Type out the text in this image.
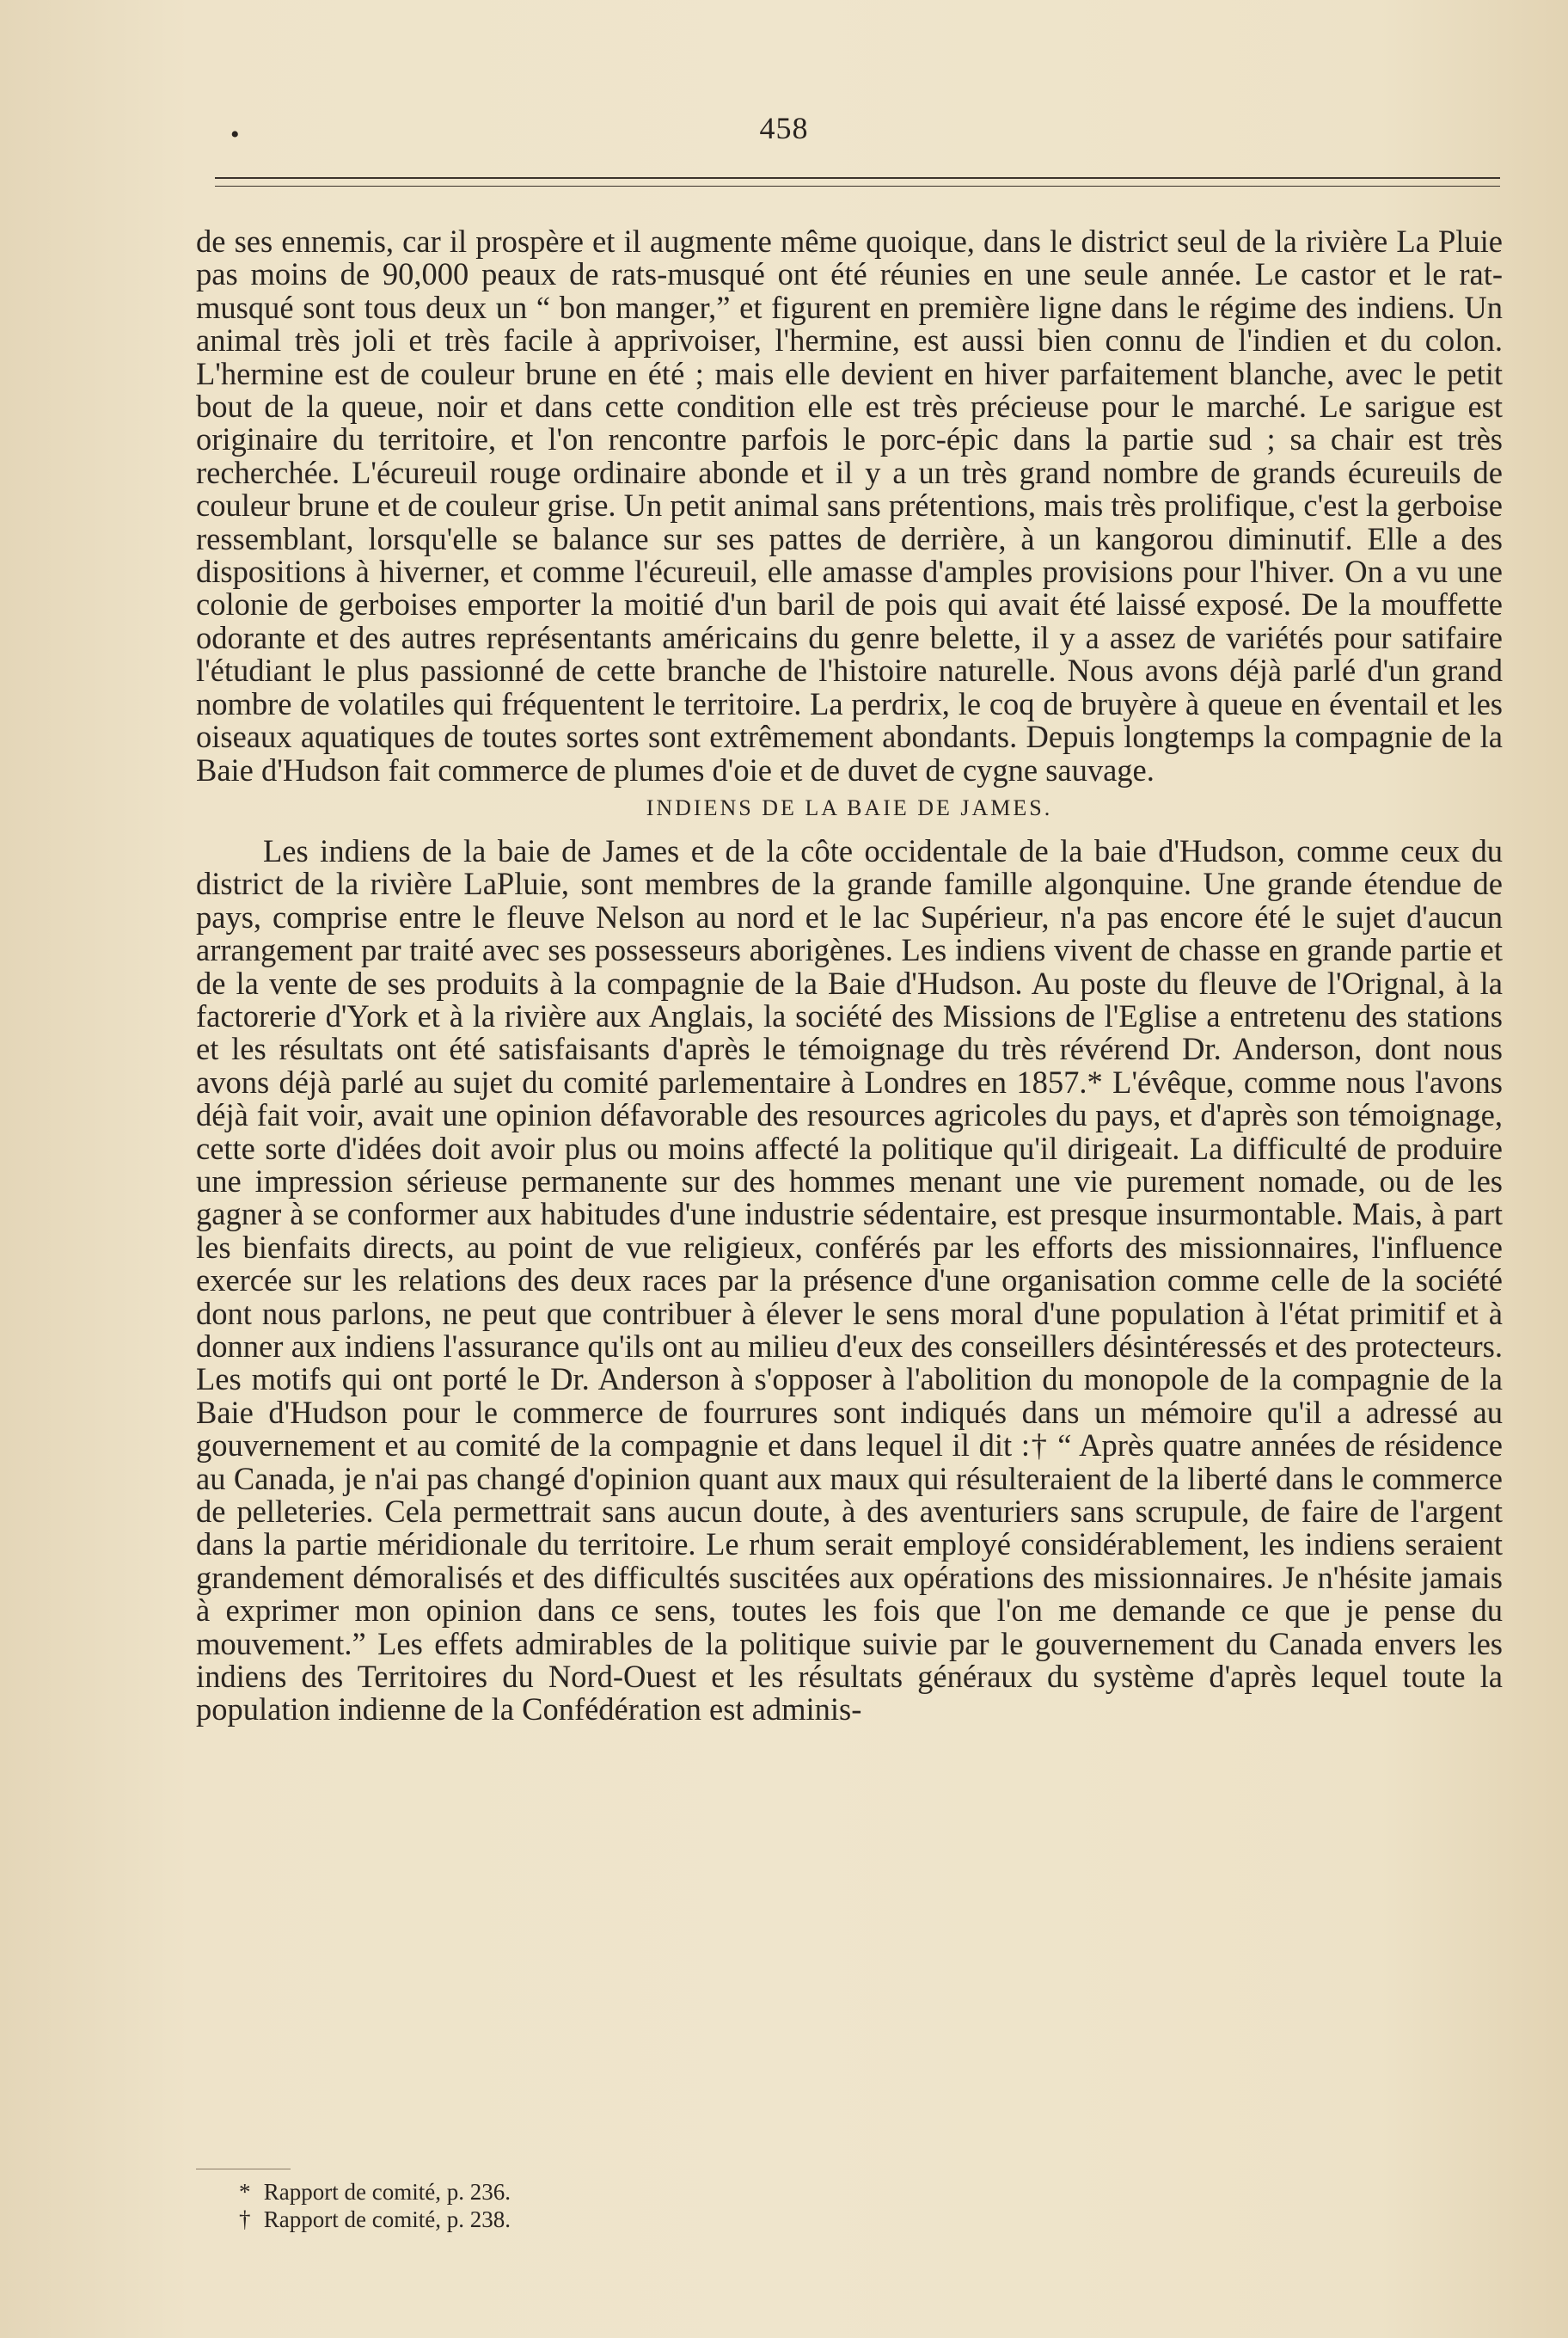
•	458

de ses ennemis, car il prospère et il augmente même quoique, dans le district seul de la rivière La Pluie pas moins de 90,000 peaux de rats-musqué ont été réunies en une seule année. Le castor et le rat-musqué sont tous deux un “ bon manger,” et figurent en première ligne dans le régime des indiens. Un animal très joli et très facile à apprivoiser, l'hermine, est aussi bien connu de l'indien et du colon. L'hermine est de couleur brune en été ; mais elle devient en hiver parfaitement blanche, avec le petit bout de la queue, noir et dans cette condition elle est très précieuse pour le marché. Le sarigue est originaire du territoire, et l'on rencontre parfois le porc-épic dans la partie sud ; sa chair est très recherchée. L'écureuil rouge ordinaire abonde et il y a un très grand nombre de grands écureuils de couleur brune et de couleur grise. Un petit animal sans prétentions, mais très prolifique, c'est la gerboise ressemblant, lorsqu'elle se balance sur ses pattes de derrière, à un kangorou diminutif. Elle a des dispositions à hiverner, et comme l'écureuil, elle amasse d'amples provisions pour l'hiver. On a vu une colonie de gerboises emporter la moitié d'un baril de pois qui avait été laissé exposé. De la mouffette odorante et des autres représentants américains du genre belette, il y a assez de variétés pour satifaire l'étudiant le plus passionné de cette branche de l'histoire naturelle. Nous avons déjà parlé d'un grand nombre de volatiles qui fréquentent le territoire. La perdrix, le coq de bruyère à queue en éventail et les oiseaux aquatiques de toutes sortes sont extrêmement abondants. Depuis longtemps la compagnie de la Baie d'Hudson fait commerce de plumes d'oie et de duvet de cygne sauvage.

INDIENS DE LA BAIE DE JAMES.

Les indiens de la baie de James et de la côte occidentale de la baie d'Hudson, comme ceux du district de la rivière LaPluie, sont membres de la grande famille algonquine. Une grande étendue de pays, comprise entre le fleuve Nelson au nord et le lac Supérieur, n'a pas encore été le sujet d'aucun arrangement par traité avec ses possesseurs aborigènes. Les indiens vivent de chasse en grande partie et de la vente de ses produits à la compagnie de la Baie d'Hudson. Au poste du fleuve de l'Orignal, à la factorerie d'York et à la rivière aux Anglais, la société des Missions de l'Eglise a entretenu des stations et les résultats ont été satisfaisants d'après le témoignage du très révérend Dr. Anderson, dont nous avons déjà parlé au sujet du comité parlementaire à Londres en 1857.* L'évêque, comme nous l'avons déjà fait voir, avait une opinion défavorable des resources agricoles du pays, et d'après son témoignage, cette sorte d'idées doit avoir plus ou moins affecté la politique qu'il dirigeait. La difficulté de produire une impression sérieuse permanente sur des hommes menant une vie purement nomade, ou de les gagner à se conformer aux habitudes d'une industrie sédentaire, est presque insurmontable. Mais, à part les bienfaits directs, au point de vue religieux, conférés par les efforts des missionnaires, l'influence exercée sur les relations des deux races par la présence d'une organisation comme celle de la société dont nous parlons, ne peut que contribuer à élever le sens moral d'une population à l'état primitif et à donner aux indiens l'assurance qu'ils ont au milieu d'eux des conseillers désintéressés et des protecteurs. Les motifs qui ont porté le Dr. Anderson à s'opposer à l'abolition du monopole de la compagnie de la Baie d'Hudson pour le commerce de fourrures sont indiqués dans un mémoire qu'il a adressé au gouvernement et au comité de la compagnie et dans lequel il dit :† “ Après quatre années de résidence au Canada, je n'ai pas changé d'opinion quant aux maux qui résulteraient de la liberté dans le commerce de pelleteries. Cela permettrait sans aucun doute, à des aventuriers sans scrupule, de faire de l'argent dans la partie méridionale du territoire. Le rhum serait employé considérablement, les indiens seraient grandement démoralisés et des difficultés suscitées aux opérations des missionnaires. Je n'hésite jamais à exprimer mon opinion dans ce sens, toutes les fois que l'on me demande ce que je pense du mouvement.” Les effets admirables de la politique suivie par le gouvernement du Canada envers les indiens des Territoires du Nord-Ouest et les résultats généraux du système d'après lequel toute la population indienne de la Confédération est adminis-

* Rapport de comité, p. 236.

† Rapport de comité, p. 238.
